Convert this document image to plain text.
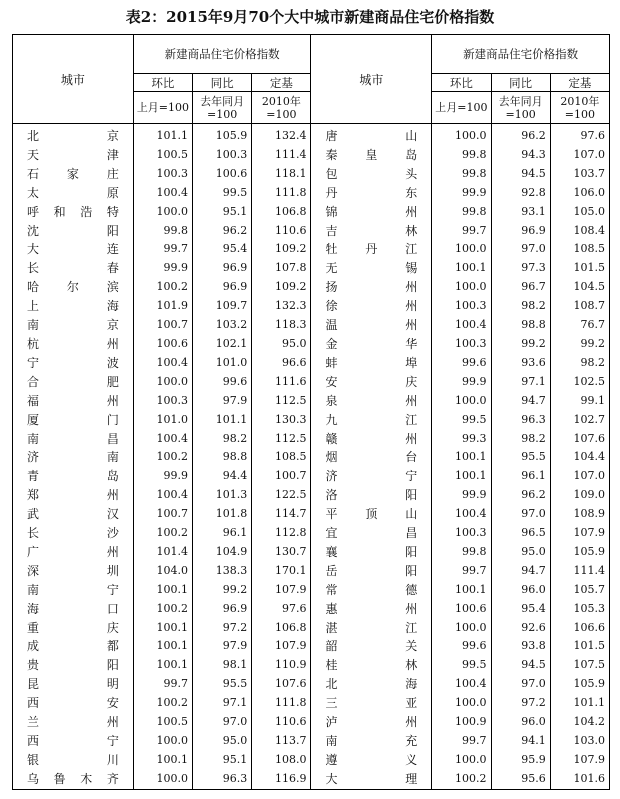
表2：2015年9月70个大中城市新建商品住宅价格指数
城市	新建商品住宅价格指数			城市	新建商品住宅价格指数		
	环比	同比	定基		环比	同比	定基
	上月=100	去年同月=100	2010年=100		上月=100	去年同月=100	2010年=100

北京	101.1	105.9	132.4	唐山	100.0	96.2	97.6

天津	100.5	100.3	111.4	秦皇岛	99.8	94.3	107.0

石家庄	100.3	100.6	118.1	包头	99.8	94.5	103.7

太原	100.4	99.5	111.8	丹东	99.9	92.8	106.0

呼和浩特	100.0	95.1	106.8	锦州	99.8	93.1	105.0

沈阳	99.8	96.2	110.6	吉林	99.7	96.9	108.4

大连	99.7	95.4	109.2	牡丹江	100.0	97.0	108.5

长春	99.9	96.9	107.8	无锡	100.1	97.3	101.5

哈尔滨	100.2	96.9	109.2	扬州	100.0	96.7	104.5

上海	101.9	109.7	132.3	徐州	100.3	98.2	108.7

南京	100.7	103.2	118.3	温州	100.4	98.8	76.7

杭州	100.6	102.1	95.0	金华	100.3	99.2	99.2

宁波	100.4	101.0	96.6	蚌埠	99.6	93.6	98.2

合肥	100.0	99.6	111.6	安庆	99.9	97.1	102.5

福州	100.3	97.9	112.5	泉州	100.0	94.7	99.1

厦门	101.0	101.1	130.3	九江	99.5	96.3	102.7

南昌	100.4	98.2	112.5	赣州	99.3	98.2	107.6

济南	100.2	98.8	108.5	烟台	100.1	95.5	104.4

青岛	99.9	94.4	100.7	济宁	100.1	96.1	107.0

郑州	100.4	101.3	122.5	洛阳	99.9	96.2	109.0

武汉	100.7	101.8	114.7	平顶山	100.4	97.0	108.9

长沙	100.2	96.1	112.8	宜昌	100.3	96.5	107.9

广州	101.4	104.9	130.7	襄阳	99.8	95.0	105.9

深圳	104.0	138.3	170.1	岳阳	99.7	94.7	111.4

南宁	100.1	99.2	107.9	常德	100.1	96.0	105.7

海口	100.2	96.9	97.6	惠州	100.6	95.4	105.3

重庆	100.1	97.2	106.8	湛江	100.0	92.6	106.6

成都	100.1	97.9	107.9	韶关	99.6	93.8	101.5

贵阳	100.1	98.1	110.9	桂林	99.5	94.5	107.5

昆明	99.7	95.5	107.6	北海	100.4	97.0	105.9

西安	100.2	97.1	111.8	三亚	100.0	97.2	101.1

兰州	100.5	97.0	110.6	泸州	100.9	96.0	104.2

西宁	100.0	95.0	113.7	南充	99.7	94.1	103.0

银川	100.1	95.1	108.0	遵义	100.0	95.9	107.9

乌鲁木齐	100.0	96.3	116.9	大理	100.2	95.6	101.6
